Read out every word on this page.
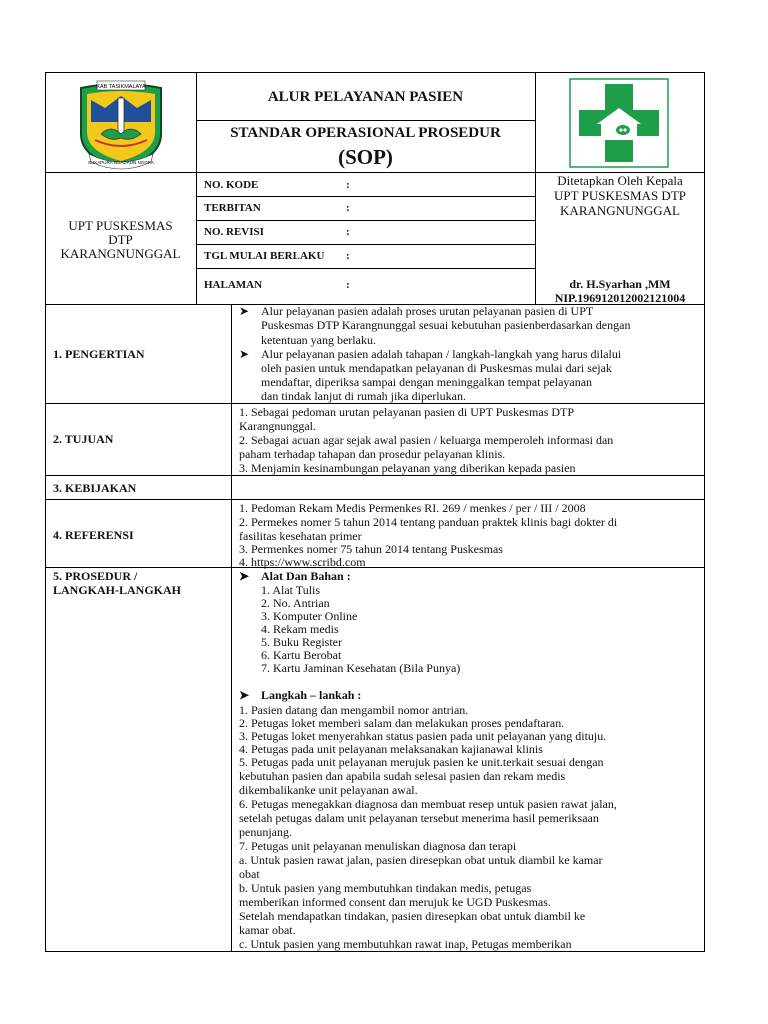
KAB TASIKMALAYA
SUKAPURA NGADAUN NGORA
ALUR PELAYANAN PASIEN
STANDAR OPERASIONAL PROSEDUR
(SOP)
UPT PUSKESMAS
DTP
KARANGNUNGGAL
NO. KODE	:
TERBITAN	:
NO. REVISI	:
TGL MULAI BERLAKU :
HALAMAN	:
Ditetapkan Oleh Kepala
UPT PUSKESMAS DTP
KARANGNUNGGAL
dr. H.Syarhan ,MM
NIP.196912012002121004
1. PENGERTIAN
➤
➤
Alur pelayanan pasien adalah proses urutan pelayanan pasien di UPT
Puskesmas DTP Karangnunggal sesuai kebutuhan pasienberdasarkan dengan
ketentuan yang berlaku.
Alur pelayanan pasien adalah tahapan / langkah-langkah yang harus dilalui
oleh pasien untuk mendapatkan pelayanan di Puskesmas mulai dari sejak
mendaftar, diperiksa sampai dengan meninggalkan tempat pelayanan
dan tindak lanjut di rumah jika diperlukan.
2. TUJUAN
1. Sebagai pedoman urutan pelayanan pasien di UPT Puskesmas DTP
Karangnunggal.
2. Sebagai acuan agar sejak awal pasien / keluarga memperoleh informasi dan
paham terhadap tahapan dan prosedur pelayanan klinis.
3. Menjamin kesinambungan pelayanan yang diberikan kepada pasien
3. KEBIJAKAN
4. REFERENSI
1. Pedoman Rekam Medis Permenkes RI. 269 / menkes / per / III / 2008
2. Permekes nomer 5 tahun 2014 tentang panduan praktek klinis bagi dokter di
fasilitas kesehatan primer
3. Permenkes nomer 75 tahun 2014 tentang Puskesmas
4. https://www.scribd.com
5. PROSEDUR /
LANGKAH-LANGKAH
➤ Alat Dan Bahan :
1. Alat Tulis
2. No. Antrian
3. Komputer Online
4. Rekam medis
5. Buku Register
6. Kartu Berobat
7. Kartu Jaminan Kesehatan (Bila Punya)
➤ Langkah – lankah :
1. Pasien datang dan mengambil nomor antrian.
2. Petugas loket memberi salam dan melakukan proses pendaftaran.
3. Petugas loket menyerahkan status pasien pada unit pelayanan yang dituju.
4. Petugas pada unit pelayanan melaksanakan kajianawal klinis
5. Petugas pada unit pelayanan merujuk pasien ke unit.terkait sesuai dengan
kebutuhan pasien dan apabila sudah selesai pasien dan rekam medis
dikembalikanke unit pelayanan awal.
6. Petugas menegakkan diagnosa dan membuat resep untuk pasien rawat jalan,
setelah petugas dalam unit pelayanan tersebut menerima hasil pemeriksaan
penunjang.
7. Petugas unit pelayanan menuliskan diagnosa dan terapi
a. Untuk pasien rawat jalan, pasien diresepkan obat untuk diambil ke kamar
obat
b. Untuk pasien yang membutuhkan tindakan medis, petugas
memberikan informed consent dan merujuk ke UGD Puskesmas.
Setelah mendapatkan tindakan, pasien diresepkan obat untuk diambil ke
kamar obat.
c. Untuk pasien yang membutuhkan rawat inap, Petugas memberikan
